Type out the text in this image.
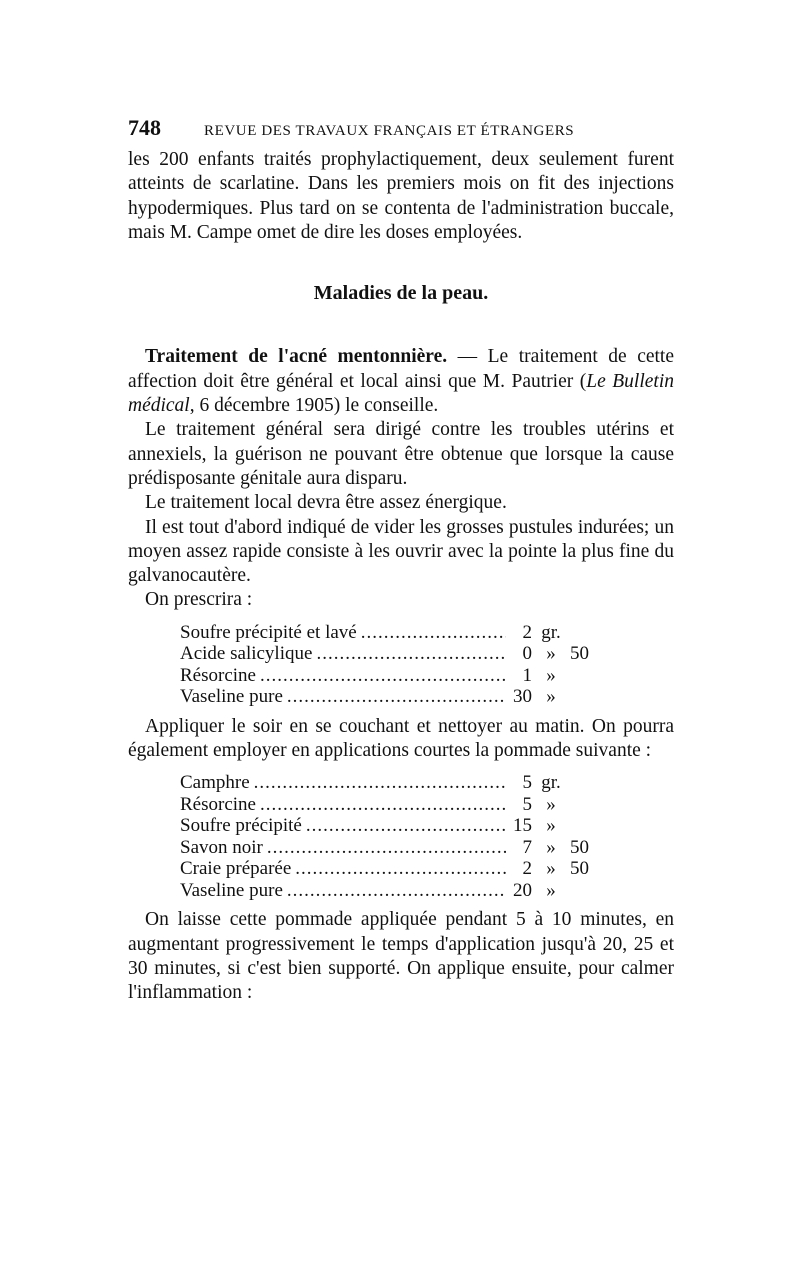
748	REVUE DES TRAVAUX FRANÇAIS ET ÉTRANGERS

les 200 enfants traités prophylactiquement, deux seulement furent atteints de scarlatine. Dans les premiers mois on fit des injections hypodermiques. Plus tard on se contenta de l'administration buccale, mais M. Campe omet de dire les doses employées.

Maladies de la peau.

Traitement de l'acné mentonnière. — Le traitement de cette affection doit être général et local ainsi que M. Pautrier (Le Bulletin médical, 6 décembre 1905) le conseille.

Le traitement général sera dirigé contre les troubles utérins et annexiels, la guérison ne pouvant être obtenue que lorsque la cause prédisposante génitale aura disparu.

Le traitement local devra être assez énergique.

Il est tout d'abord indiqué de vider les grosses pustules indurées; un moyen assez rapide consiste à les ouvrir avec la pointe la plus fine du galvanocautère.

On prescrira :

Soufre précipité et lavé .....	2 gr.
Acide salicylique .....	0 » 50
Résorcine .....	1 »
Vaseline pure .....	30 »

Appliquer le soir en se couchant et nettoyer au matin. On pourra également employer en applications courtes la pommade suivante :

Camphre .....	5 gr.
Résorcine .....	5 »
Soufre précipité .....	15 »
Savon noir .....	7 » 50
Craie préparée .....	2 » 50
Vaseline pure .....	20 »

On laisse cette pommade appliquée pendant 5 à 10 minutes, en augmentant progressivement le temps d'application jusqu'à 20, 25 et 30 minutes, si c'est bien supporté. On applique ensuite, pour calmer l'inflammation :
